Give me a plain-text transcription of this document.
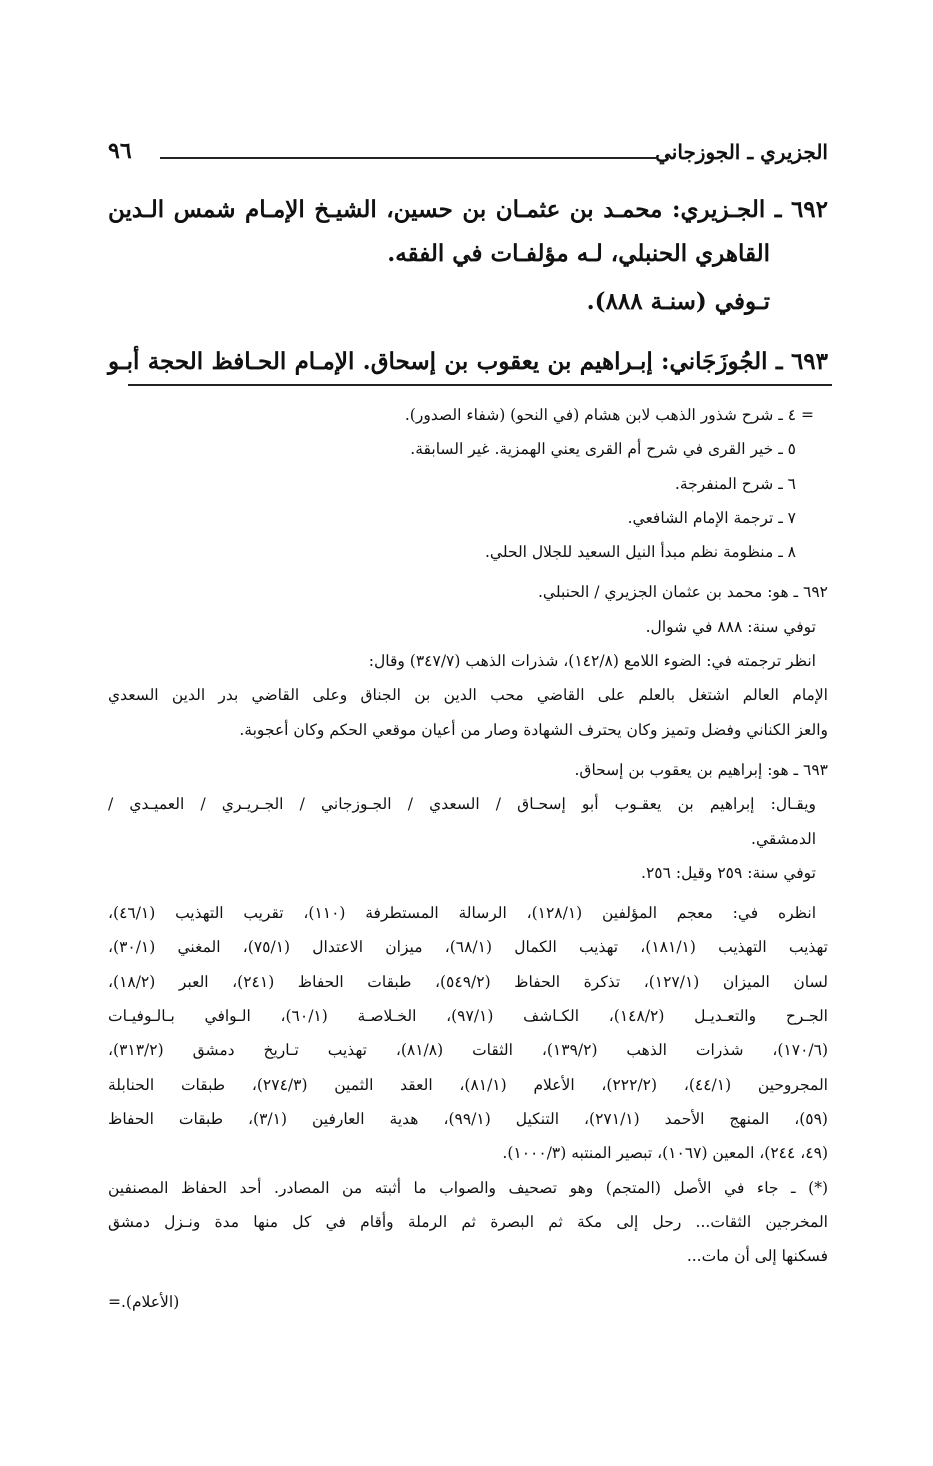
الجزيري ـ الجوزجاني
٩٦

٦٩٢ ـ الجـزيري: محمـد بن عثمـان بن حسين، الشيـخ الإمـام شمس الـدين

القاهري الحنبلي، لـه مؤلفـات في الفقه.

تـوفي (سنـة ٨٨٨).

٦٩٣ ـ الجُوزَجَاني: إبـراهيم بن يعقوب بن إسحاق. الإمـام الحـافظ الحجة أبـو

= ٤ ـ شرح شذور الذهب لابن هشام (في النحو) (شفاء الصدور).

٥ ـ خير القرى في شرح أم القرى يعني الهمزية. غير السابقة.

٦ ـ شرح المنفرجة.

٧ ـ ترجمة الإمام الشافعي.

٨ ـ منظومة نظم مبدأ النيل السعيد للجلال الحلي.

٦٩٢ ـ هو: محمد بن عثمان الجزيري / الحنبلي.

توفي سنة: ٨٨٨ في شوال.

انظر ترجمته في: الضوء اللامع (١٤٢/٨)، شذرات الذهب (٣٤٧/٧) وقال:

الإمام العالم اشتغل بالعلم على القاضي محب الدين بن الجناق وعلى القاضي بدر الدين السعدي

والعز الكناني وفضل وتميز وكان يحترف الشهادة وصار من أعيان موقعي الحكم وكان أعجوبة.

٦٩٣ ـ هو: إبراهيم بن يعقوب بن إسحاق.

ويقـال: إبراهيم بن يعقـوب أبو إسحـاق / السعدي / الجـوزجاني / الجـريـري / العميـدي /

الدمشقي.

توفي سنة: ٢٥٩ وقيل: ٢٥٦.

انظره في: معجم المؤلفين (١٢٨/١)، الرسالة المستطرفة (١١٠)، تقريب التهذيب (٤٦/١)،

تهذيب التهذيب (١٨١/١)، تهذيب الكمال (٦٨/١)، ميزان الاعتدال (٧٥/١)، المغني (٣٠/١)،

لسان الميزان (١٢٧/١)، تذكرة الحفاظ (٥٤٩/٢)، طبقات الحفاظ (٢٤١)، العبر (١٨/٢)،

الجـرح والتعـديـل (١٤٨/٢)، الكـاشف (٩٧/١)، الخـلاصـة (٦٠/١)، الـوافي بـالـوفيـات

(١٧٠/٦)، شذرات الذهب (١٣٩/٢)، الثقات (٨١/٨)، تهذيب تـاريخ دمشق (٣١٣/٢)،

المجروحين (٤٤/١)، (٢٢٢/٢)، الأعلام (٨١/١)، العقد الثمين (٢٧٤/٣)، طبقات الحنابلة

(٥٩)، المنهج الأحمد (٢٧١/١)، التنكيل (٩٩/١)، هدية العارفين (٣/١)، طبقات الحفاظ

(٤٩، ٢٤٤)، المعين (١٠٦٧)، تبصير المنتبه (١٠٠٠/٣).

(*) ـ جاء في الأصل (المتجم) وهو تصحيف والصواب ما أثبته من المصادر. أحد الحفاظ المصنفين

المخرجين الثقات... رحل إلى مكة ثم البصرة ثم الرملة وأقام في كل منها مدة ونـزل دمشق

فسكنها إلى أن مات...

(الأعلام).=
